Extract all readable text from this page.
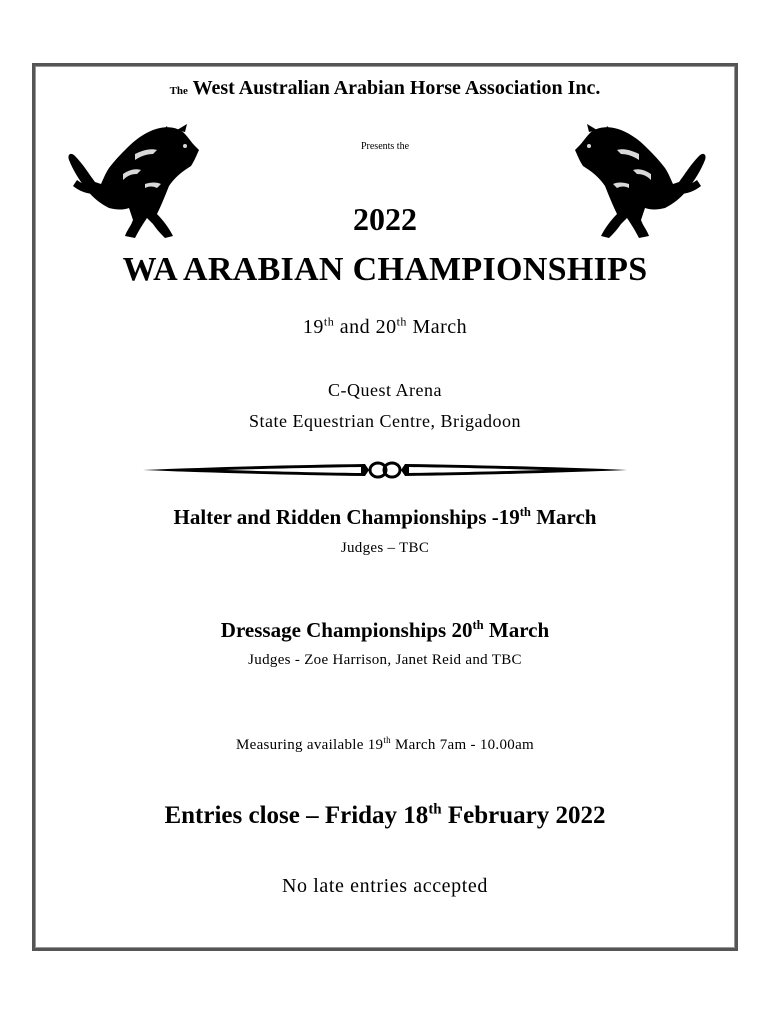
The West Australian Arabian Horse Association Inc.
Presents the
2022
WA ARABIAN CHAMPIONSHIPS
19th and 20th March
C-Quest Arena
State Equestrian Centre, Brigadoon
Halter and Ridden Championships -19th March
Judges – TBC
Dressage Championships 20th March
Judges - Zoe Harrison, Janet Reid and TBC
Measuring available 19th March 7am - 10.00am
Entries close – Friday 18th February 2022
No late entries accepted
